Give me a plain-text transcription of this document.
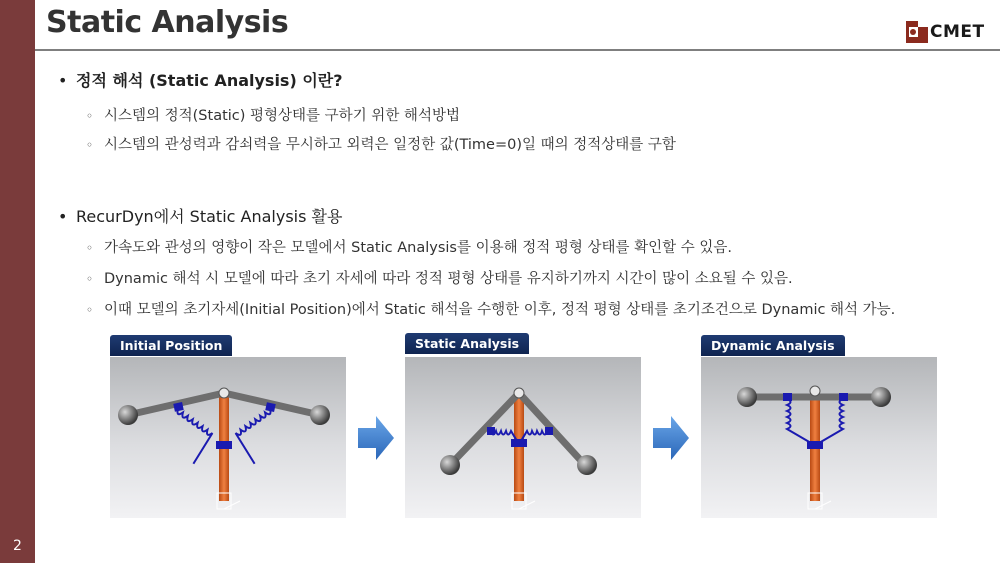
2
Static Analysis	CMET
• 정적 해석 (Static Analysis) 이란?
◦ 시스템의 정적(Static) 평형상태를 구하기 위한 해석방법
◦ 시스템의 관성력과 감쇠력을 무시하고 외력은 일정한 값(Time=0)일 때의 정적상태를 구함
• RecurDyn에서 Static Analysis 활용
◦ 가속도와 관성의 영향이 작은 모델에서 Static Analysis를 이용해 정적 평형 상태를 확인할 수 있음.
◦ Dynamic 해석 시 모델에 따라 초기 자세에 따라 정적 평형 상태를 유지하기까지 시간이 많이 소요될 수 있음.
◦ 이때 모델의 초기자세(Initial Position)에서 Static 해석을 수행한 이후, 정적 평형 상태를 초기조건으로 Dynamic 해석 가능.
Initial Position	Static Analysis	Dynamic Analysis
